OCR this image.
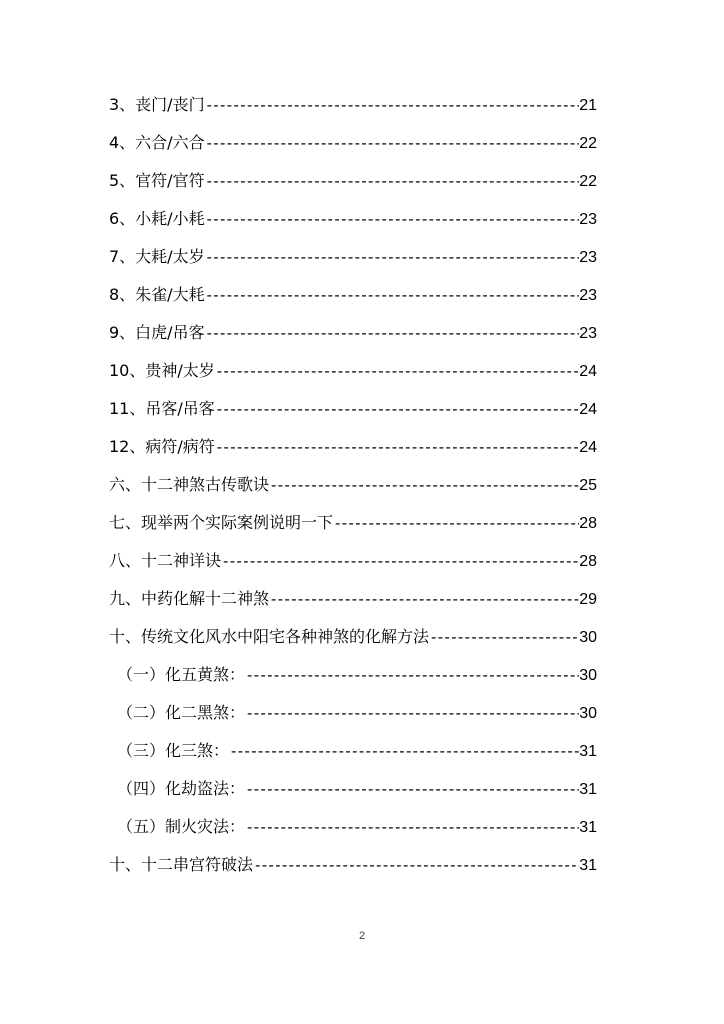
3、丧门/丧门 -----	21
4、六合/六合 -----	22
5、官符/官符 -----	22
6、小耗/小耗 -----	23
7、大耗/太岁 -----	23
8、朱雀/大耗 -----	23
9、白虎/吊客 -----	23
10、贵神/太岁 -----	24
11、吊客/吊客 -----	24
12、病符/病符 -----	24
六、十二神煞古传歌诀 -----	25
七、现举两个实际案例说明一下 -----	28
八、十二神详诀 -----	28
九、中药化解十二神煞 -----	29
十、传统文化风水中阳宅各种神煞的化解方法 -----	30
（一）化五黄煞： -----	30
（二）化二黑煞： -----	30
（三）化三煞： -----	31
（四）化劫盗法： -----	31
（五）制火灾法： -----	31
十、十二串宫符破法 -----	31
2
